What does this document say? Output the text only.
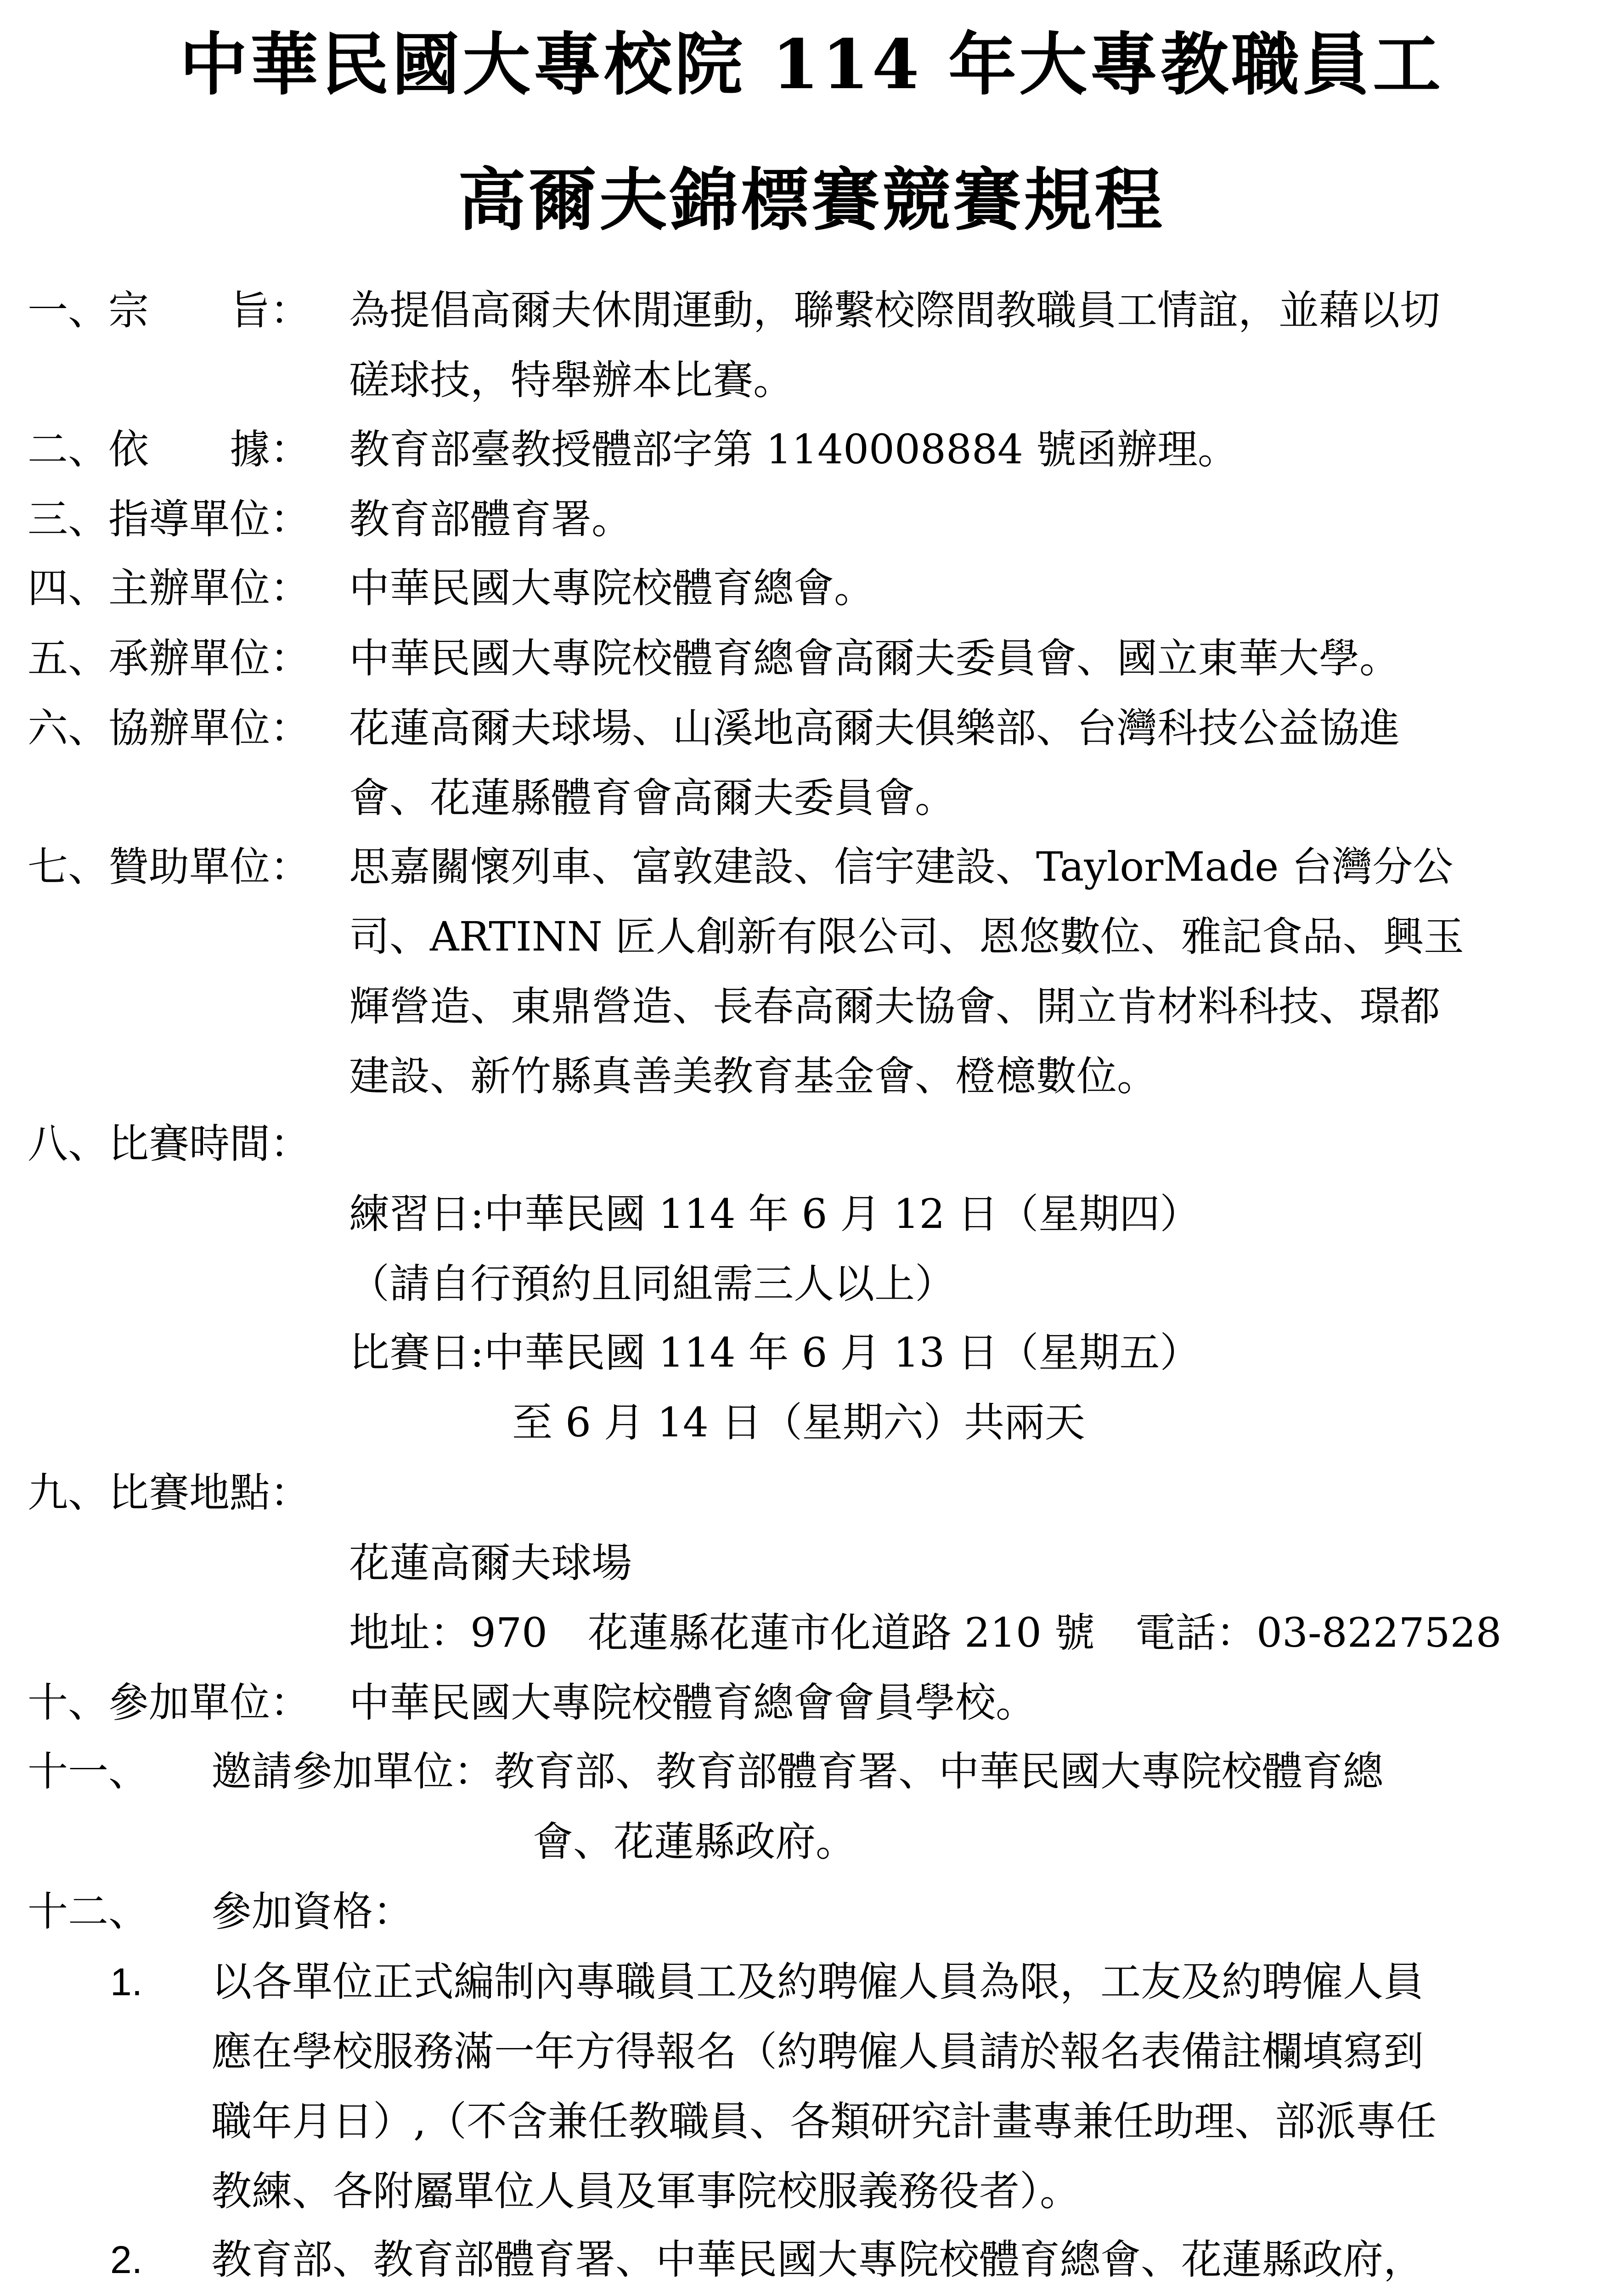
中華民國大專校院 114 年大專教職員工
高爾夫錦標賽競賽規程
一、宗　　旨： 為提倡高爾夫休閒運動，聯繫校際間教職員工情誼，並藉以切
磋球技，特舉辦本比賽。
二、依　　據： 教育部臺教授體部字第 1140008884 號函辦理。
三、指導單位： 教育部體育署。
四、主辦單位： 中華民國大專院校體育總會。
五、承辦單位： 中華民國大專院校體育總會高爾夫委員會、國立東華大學。
六、協辦單位： 花蓮高爾夫球場、山溪地高爾夫俱樂部、台灣科技公益協進
會、花蓮縣體育會高爾夫委員會。
七、贊助單位： 思嘉關懷列車、富敦建設、信宇建設、TaylorMade 台灣分公
司、ARTINN 匠人創新有限公司、恩悠數位、雅記食品、興玉
輝營造、東鼎營造、長春高爾夫協會、開立肯材料科技、璟都
建設、新竹縣真善美教育基金會、橙檍數位。
八、比賽時間：
練習日:中華民國 114 年 6 月 12 日（星期四）
（請自行預約且同組需三人以上）
比賽日:中華民國 114 年 6 月 13 日（星期五）
至 6 月 14 日（星期六）共兩天
九、比賽地點：
花蓮高爾夫球場
地址：970　花蓮縣花蓮市化道路 210 號　電話：03-8227528
十、參加單位： 中華民國大專院校體育總會會員學校。
十一、 邀請參加單位：教育部、教育部體育署、中華民國大專院校體育總
會、花蓮縣政府。
十二、 參加資格：
1. 以各單位正式編制內專職員工及約聘僱人員為限，工友及約聘僱人員
應在學校服務滿一年方得報名（約聘僱人員請於報名表備註欄填寫到
職年月日）,（不含兼任教職員、各類研究計畫專兼任助理、部派專任
教練、各附屬單位人員及軍事院校服義務役者）。
2. 教育部、教育部體育署、中華民國大專院校體育總會、花蓮縣政府，
